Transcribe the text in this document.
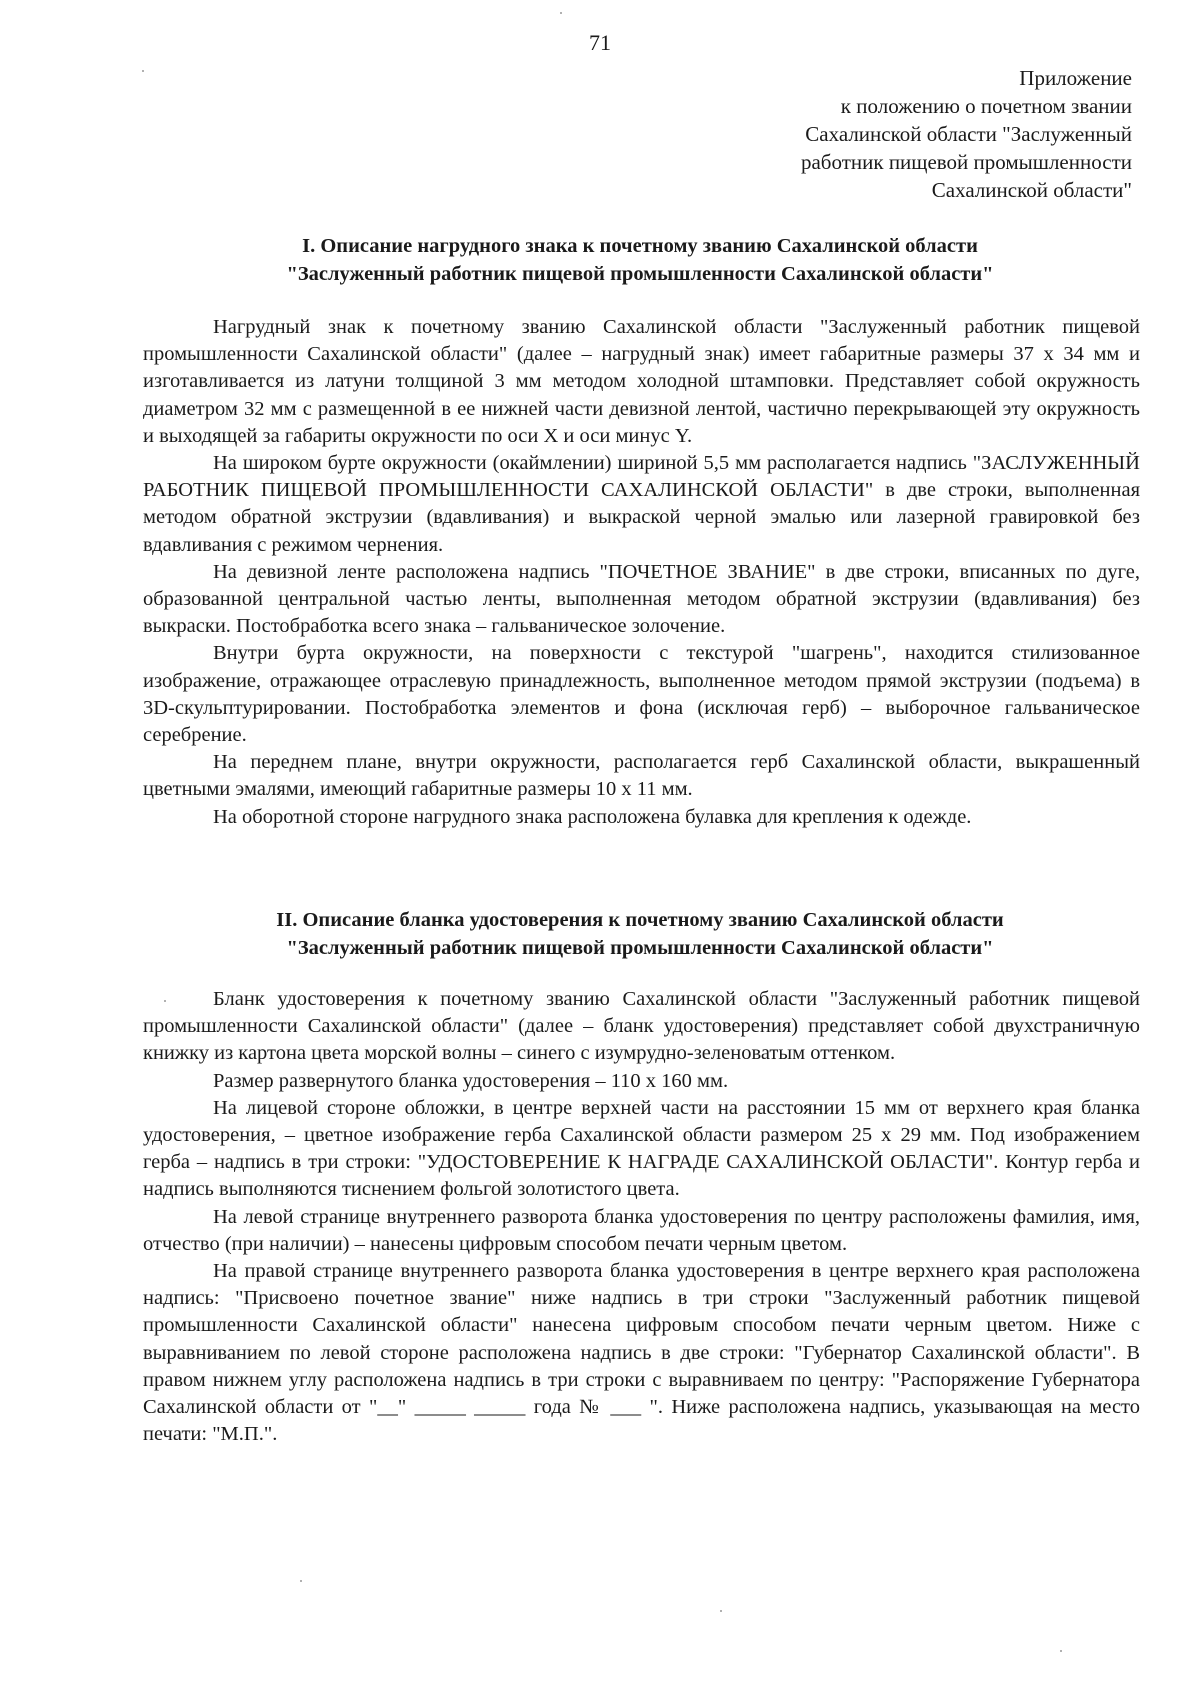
71
Приложение
к положению о почетном звании
Сахалинской области "Заслуженный
работник пищевой промышленности
Сахалинской области"
I. Описание нагрудного знака к почетному званию Сахалинской области
"Заслуженный работник пищевой промышленности Сахалинской области"

Нагрудный знак к почетному званию Сахалинской области "Заслуженный работник пищевой промышленности Сахалинской области" (далее – нагрудный знак) имеет габаритные размеры 37 x 34 мм и изготавливается из латуни толщиной 3 мм методом холодной штамповки. Представляет собой окружность диаметром 32 мм с размещенной в ее нижней части девизной лентой, частично перекрывающей эту окружность и выходящей за габариты окружности по оси X и оси минус Y.

На широком бурте окружности (окаймлении) шириной 5,5 мм располагается надпись "ЗАСЛУЖЕННЫЙ РАБОТНИК ПИЩЕВОЙ ПРОМЫШЛЕННОСТИ САХАЛИНСКОЙ ОБЛАСТИ" в две строки, выполненная методом обратной экструзии (вдавливания) и выкраской черной эмалью или лазерной гравировкой без вдавливания с режимом чернения.

На девизной ленте расположена надпись "ПОЧЕТНОЕ ЗВАНИЕ" в две строки, вписанных по дуге, образованной центральной частью ленты, выполненная методом обратной экструзии (вдавливания) без выкраски. Постобработка всего знака – гальваническое золочение.

Внутри бурта окружности, на поверхности с текстурой "шагрень", находится стилизованное изображение, отражающее отраслевую принадлежность, выполненное методом прямой экструзии (подъема) в 3D-скульптурировании. Постобработка элементов и фона (исключая герб) – выборочное гальваническое серебрение.

На переднем плане, внутри окружности, располагается герб Сахалинской области, выкрашенный цветными эмалями, имеющий габаритные размеры 10 x 11 мм.

На оборотной стороне нагрудного знака расположена булавка для крепления к одежде.

II. Описание бланка удостоверения к почетному званию Сахалинской области
"Заслуженный работник пищевой промышленности Сахалинской области"

Бланк удостоверения к почетному званию Сахалинской области "Заслуженный работник пищевой промышленности Сахалинской области" (далее – бланк удостоверения) представляет собой двухстраничную книжку из картона цвета морской волны – синего с изумрудно-зеленоватым оттенком.

Размер развернутого бланка удостоверения – 110 x 160 мм.

На лицевой стороне обложки, в центре верхней части на расстоянии 15 мм от верхнего края бланка удостоверения, – цветное изображение герба Сахалинской области размером 25 x 29 мм. Под изображением герба – надпись в три строки: "УДОСТОВЕРЕНИЕ К НАГРАДЕ САХАЛИНСКОЙ ОБЛАСТИ". Контур герба и надпись выполняются тиснением фольгой золотистого цвета.

На левой странице внутреннего разворота бланка удостоверения по центру расположены фамилия, имя, отчество (при наличии) – нанесены цифровым способом печати черным цветом.

На правой странице внутреннего разворота бланка удостоверения в центре верхнего края расположена надпись: "Присвоено почетное звание" ниже надпись в три строки "Заслуженный работник пищевой промышленности Сахалинской области" нанесена цифровым способом печати черным цветом. Ниже с выравниванием по левой стороне расположена надпись в две строки: "Губернатор Сахалинской области". В правом нижнем углу расположена надпись в три строки с выравниваем по центру: "Распоряжение Губернатора Сахалинской области от "__" _____ _____ года № ___ ". Ниже расположена надпись, указывающая на место печати: "М.П.".
